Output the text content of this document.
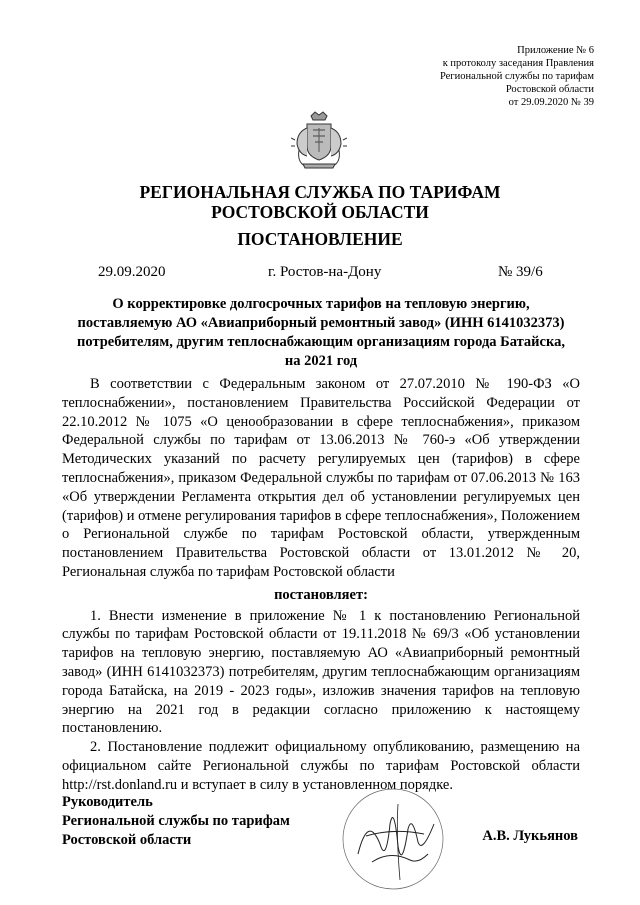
Приложение № 6
к протоколу заседания Правления
Региональной службы по тарифам
Ростовской области
от 29.09.2020 № 39
РЕГИОНАЛЬНАЯ СЛУЖБА ПО ТАРИФАМ
РОСТОВСКОЙ ОБЛАСТИ
ПОСТАНОВЛЕНИЕ
29.09.2020	г. Ростов-на-Дону	№ 39/6
О корректировке долгосрочных тарифов на тепловую энергию,
поставляемую АО «Авиаприборный ремонтный завод» (ИНН 6141032373)
потребителям, другим теплоснабжающим организациям города Батайска,
на 2021 год

В соответствии с Федеральным законом от 27.07.2010 № 190-ФЗ «О теплоснабжении», постановлением Правительства Российской Федерации от 22.10.2012 № 1075 «О ценообразовании в сфере теплоснабжения», приказом Федеральной службы по тарифам от 13.06.2013 № 760-э «Об утверждении Методических указаний по расчету регулируемых цен (тарифов) в сфере теплоснабжения», приказом Федеральной службы по тарифам от 07.06.2013 № 163 «Об утверждении Регламента открытия дел об установлении регулируемых цен (тарифов) и отмене регулирования тарифов в сфере теплоснабжения», Положением о Региональной службе по тарифам Ростовской области, утвержденным постановлением Правительства Ростовской области от 13.01.2012 № 20, Региональная служба по тарифам Ростовской области

постановляет:

1. Внести изменение в приложение № 1 к постановлению Региональной службы по тарифам Ростовской области от 19.11.2018 № 69/3 «Об установлении тарифов на тепловую энергию, поставляемую АО «Авиаприборный ремонтный завод» (ИНН 6141032373) потребителям, другим теплоснабжающим организациям города Батайска, на 2019 - 2023 годы», изложив значения тарифов на тепловую энергию на 2021 год в редакции согласно приложению к настоящему постановлению.

2. Постановление подлежит официальному опубликованию, размещению на официальном сайте Региональной службы по тарифам Ростовской области http://rst.donland.ru и вступает в силу в установленном порядке.

Руководитель
Региональной службы по тарифам
Ростовской области	А.В. Лукьянов
